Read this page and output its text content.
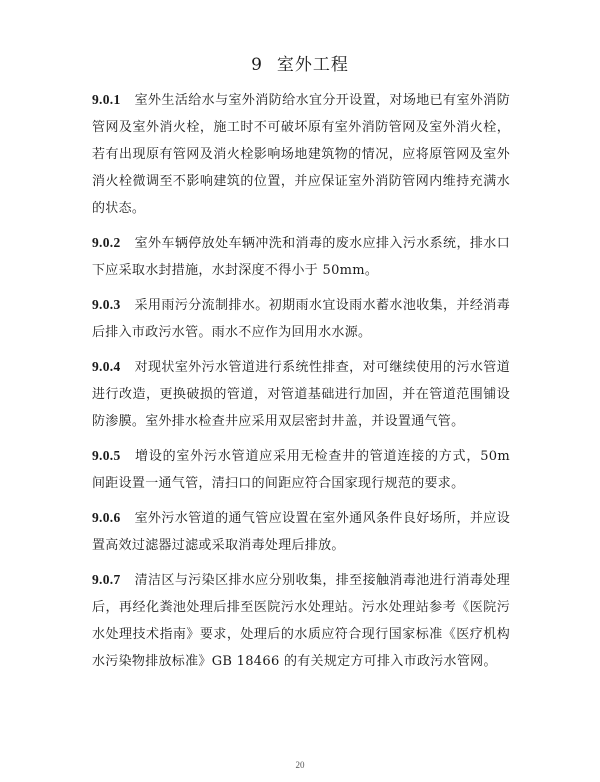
9 室外工程

9.0.1 室外生活给水与室外消防给水宜分开设置，对场地已有室外消防管网及室外消火栓，施工时不可破坏原有室外消防管网及室外消火栓，若有出现原有管网及消火栓影响场地建筑物的情况，应将原管网及室外消火栓微调至不影响建筑的位置，并应保证室外消防管网内维持充满水的状态。

9.0.2 室外车辆停放处车辆冲洗和消毒的废水应排入污水系统，排水口下应采取水封措施，水封深度不得小于 50mm。

9.0.3 采用雨污分流制排水。初期雨水宜设雨水蓄水池收集，并经消毒后排入市政污水管。雨水不应作为回用水水源。

9.0.4 对现状室外污水管道进行系统性排查，对可继续使用的污水管道进行改造，更换破损的管道，对管道基础进行加固，并在管道范围铺设防渗膜。室外排水检查井应采用双层密封井盖，并设置通气管。

9.0.5 增设的室外污水管道应采用无检查井的管道连接的方式，50m 间距设置一通气管，清扫口的间距应符合国家现行规范的要求。

9.0.6 室外污水管道的通气管应设置在室外通风条件良好场所，并应设置高效过滤器过滤或采取消毒处理后排放。

9.0.7 清洁区与污染区排水应分别收集，排至接触消毒池进行消毒处理后，再经化粪池处理后排至医院污水处理站。污水处理站参考《医院污水处理技术指南》要求，处理后的水质应符合现行国家标准《医疗机构水污染物排放标准》GB 18466 的有关规定方可排入市政污水管网。

20
